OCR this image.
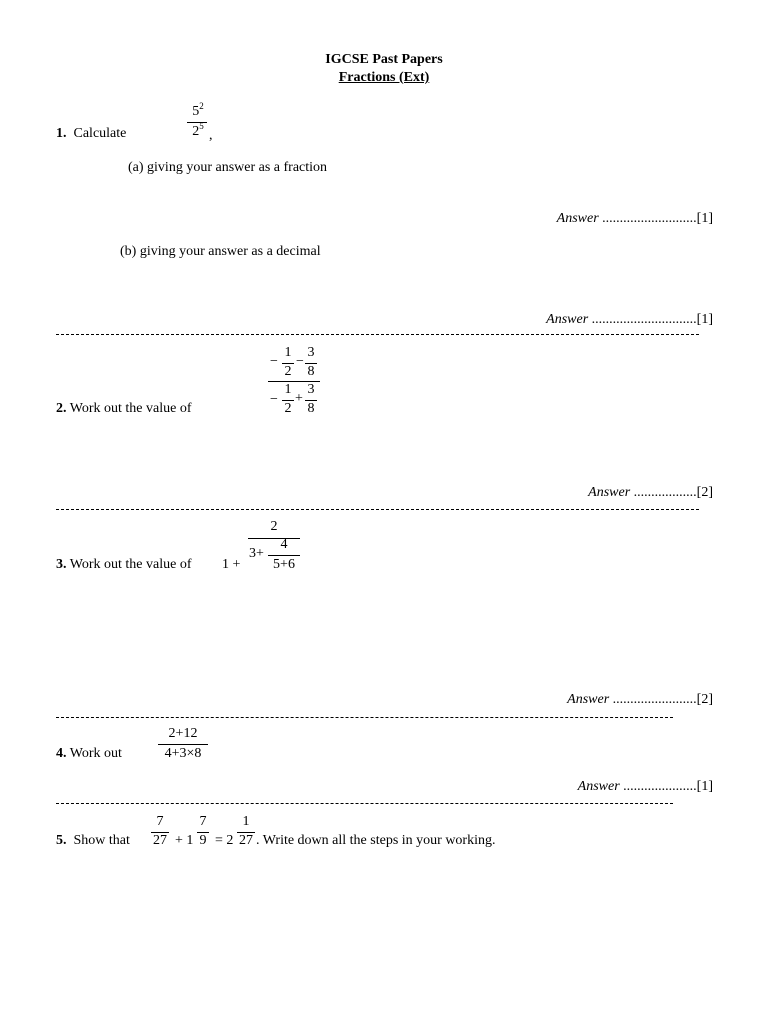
IGCSE Past Papers
Fractions (Ext)
1. Calculate
$5^2$
$2^5$
,
(a) giving your answer as a fraction
Answer ...........................[1]
(b) giving your answer as a decimal
Answer ..............................[1]
−
1
2
−
3
8
−
1
2
+
3
8
2. Work out the value of
Answer ..................[2]
2
3+
4
5+6
3. Work out the value of 1 +
Answer ........................[2]
2+12
4+3×8
4. Work out
Answer .....................[1]
5. Show that
7
27 + 1
7
9 = 2
1
27 . Write down all the steps in your working.
